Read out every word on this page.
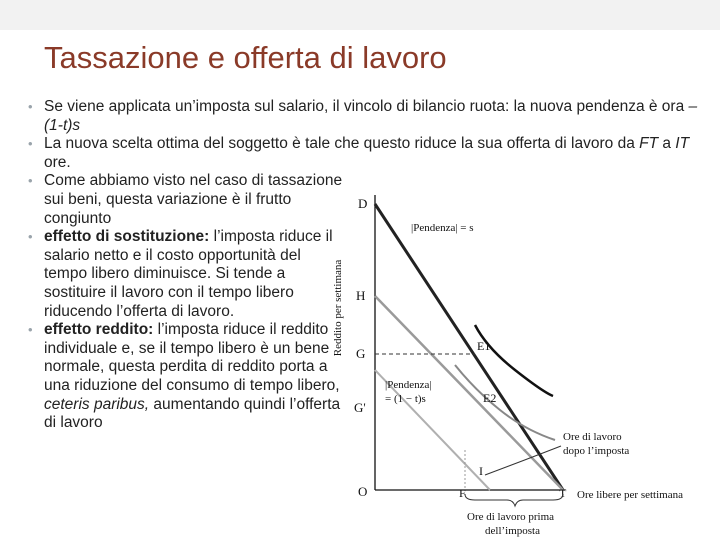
Tassazione e offerta di lavoro
• Se viene applicata un’imposta sul salario, il vincolo di bilancio ruota: la nuova pendenza è ora –(1-t)s
• La nuova scelta ottima del soggetto è tale che questo riduce la sua offerta di lavoro da FT a IT ore.
• Come abbiamo visto nel caso di tassazione sui beni, questa variazione è il frutto congiunto
• effetto di sostituzione: l’imposta riduce il salario netto e il costo opportunità del tempo libero diminuisce. Si tende a sostituire il lavoro con il tempo libero riducendo l’offerta di lavoro.
• effetto reddito: l’imposta riduce il reddito individuale e, se il tempo libero è un bene normale, questa perdita di reddito porta a una riduzione del consumo di tempo libero, ceteris paribus, aumentando quindi l’offerta di lavoro
Reddito per settimana
D
H
G
G'
O	F
I
T
E1
E2
|Pendenza| = s
|Pendenza|
= (1 − t)s
Ore di lavoro
dopo l’imposta
Ore libere per settimana
Ore di lavoro prima
dell’imposta
